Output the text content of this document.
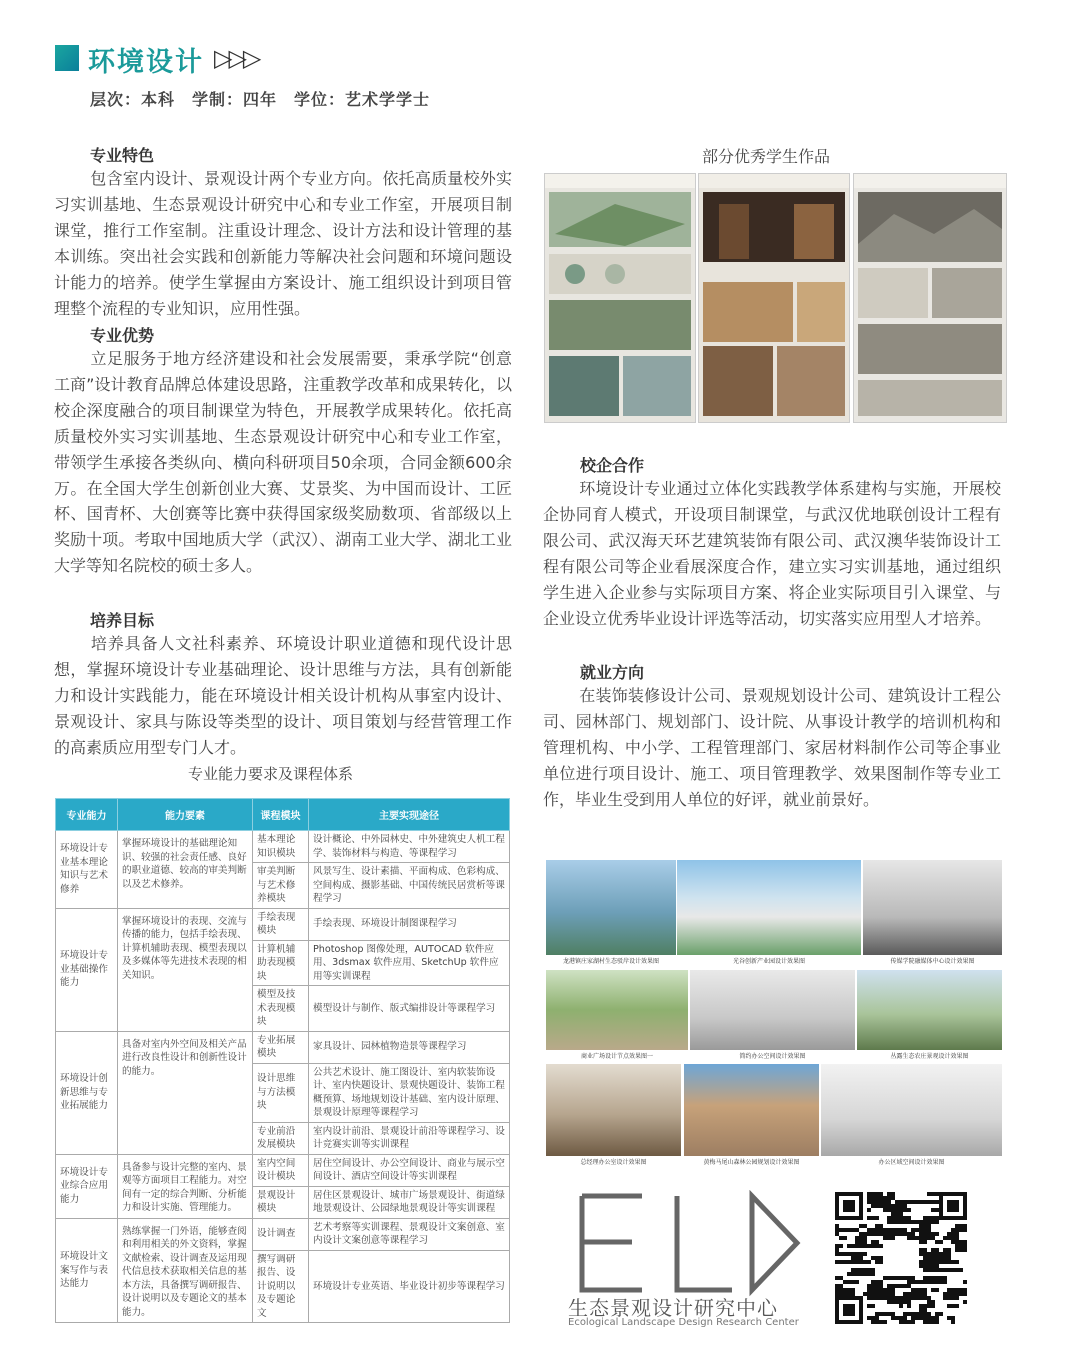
环境设计 ▷▷▷
层次：本科　学制：四年　学位：艺术学学士
专业特色
包含室内设计、景观设计两个专业方向。依托高质量校外实习实训基地、生态景观设计研究中心和专业工作室，开展项目制课堂，推行工作室制。注重设计理念、设计方法和设计管理的基本训练。突出社会实践和创新能力等解决社会问题和环境问题设计能力的培养。使学生掌握由方案设计、施工组织设计到项目管理整个流程的专业知识，应用性强。
专业优势
立足服务于地方经济建设和社会发展需要，秉承学院“创意工商”设计教育品牌总体建设思路，注重教学改革和成果转化，以校企深度融合的项目制课堂为特色，开展教学成果转化。依托高质量校外实习实训基地、生态景观设计研究中心和专业工作室，带领学生承接各类纵向、横向科研项目50余项，合同金额600余万。在全国大学生创新创业大赛、艾景奖、为中国而设计、工匠杯、国青杯、大创赛等比赛中获得国家级奖励数项、省部级以上奖励十项。考取中国地质大学（武汉）、湖南工业大学、湖北工业大学等知名院校的硕士多人。
培养目标
培养具备人文社科素养、环境设计职业道德和现代设计思想，掌握环境设计专业基础理论、设计思维与方法，具有创新能力和设计实践能力，能在环境设计相关设计机构从事室内设计、景观设计、家具与陈设等类型的设计、项目策划与经营管理工作的高素质应用型专门人才。
专业能力要求及课程体系
专业能力	能力要素	课程模块	主要实现途径
环境设计专业基本理论知识与艺术修养	掌握环境设计的基础理论知识、较强的社会责任感、良好的职业道德、较高的审美判断以及艺术修养。	基本理论知识模块	设计概论、中外园林史、中外建筑史人机工程学、装饰材料与构造、等课程学习
		审美判断与艺术修养模块	风景写生、设计素描、平面构成、色彩构成、空间构成、摄影基础、中国传统民居赏析等课程学习
环境设计专业基础操作能力	掌握环境设计的表现、交流与传播的能力，包括手绘表现、计算机辅助表现、模型表现以及多媒体等先进技术表现的相关知识。	手绘表现模块	手绘表现、环境设计制图课程学习
		计算机辅助表现模块	Photoshop 图像处理，AUTOCAD 软件应用、3dsmax 软件应用、SketchUp 软件应用等实训课程
		模型及技术表现模块	模型设计与制作、版式编排设计等课程学习
环境设计创新思维与专业拓展能力	具备对室内外空间及相关产品进行改良性设计和创新性设计的能力。	专业拓展模块	家具设计、园林植物造景等课程学习
		设计思维与方法模块	公共艺术设计、施工图设计、室内软装饰设计、室内快题设计、景观快题设计、装饰工程概预算、场地规划设计基础、室内设计原理、景观设计原理等课程学习
		专业前沿发展模块	室内设计前沿、景观设计前沿等课程学习、设计竞赛实训等实训课程
环境设计专业综合应用能力	具备参与设计完整的室内、景观等方面项目工程能力。对空间有一定的综合判断、分析能力和设计实施、管理能力。	室内空间设计模块	居住空间设计、办公空间设计、商业与展示空间设计、酒店空间设计等实训课程
		景观设计模块	居住区景观设计、城市广场景观设计、街道绿地景观设计、公园绿地景观设计等实训课程
环境设计文案写作与表达能力	熟练掌握一门外语，能够查阅和利用相关的外文资料，掌握文献检索、设计调查及运用现代信息技术获取相关信息的基本方法，具备撰写调研报告、设计说明以及专题论文的基本能力。	设计调查	艺术考察等实训课程、景观设计文案创意、室内设计文案创意等课程学习
		撰写调研报告、设计说明以及专题论文	环境设计专业英语、毕业设计初步等课程学习
部分优秀学生作品
校企合作
环境设计专业通过立体化实践教学体系建构与实施，开展校企协同育人模式，开设项目制课堂，与武汉优地联创设计工程有限公司、武汉海天环艺建筑装饰有限公司、武汉澳华装饰设计工程有限公司等企业看展深度合作，建立实习实训基地，通过组织学生进入企业参与实际项目方案、将企业实际项目引入课堂、与企业设立优秀毕业设计评选等活动，切实落实应用型人才培养。
就业方向
在装饰装修设计公司、景观规划设计公司、建筑设计工程公司、园林部门、规划部门、设计院、从事设计教学的培训机构和管理机构、中小学、工程管理部门、家居材料制作公司等企事业单位进行项目设计、施工、项目管理教学、效果图制作等专业工作，毕业生受到用人单位的好评，就业前景好。
龙港镇庄家湖村生态驳岸设计效果图	光谷创新产业园设计效果图	传媒学院融媒体中心设计效果图
商业广场设计节点效果图一	简约办公空间设计效果图	丛露生态农庄景观设计效果图
总经理办公室设计效果图	黄梅马尾山森林公园规划设计效果图	办公区域空间设计效果图
生态景观设计研究中心
Ecological Landscape Design Research Center
